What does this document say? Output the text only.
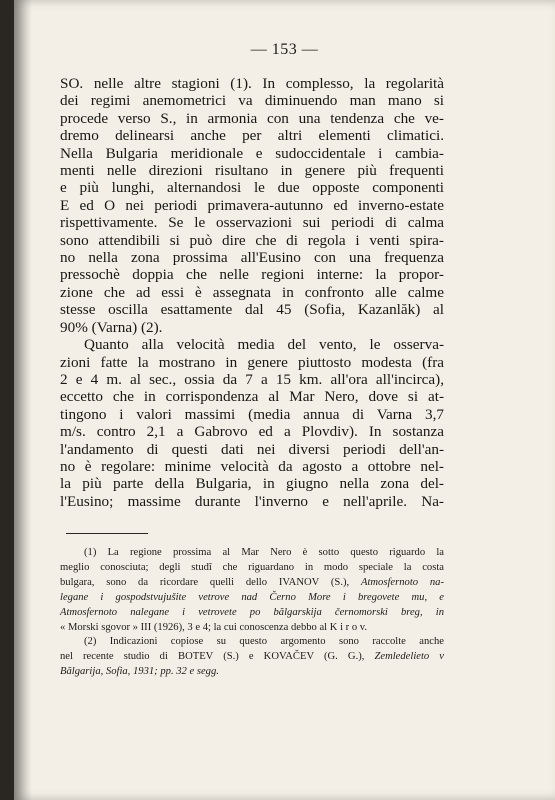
— 153 —
SO. nelle altre stagioni (1). In complesso, la regolarità
dei regimi anemometrici va diminuendo man mano si
procede verso S., in armonia con una tendenza che ve-
dremo delinearsi anche per altri elementi climatici.
Nella Bulgaria meridionale e sudoccidentale i cambia-
menti nelle direzioni risultano in genere più frequenti
e più lunghi, alternandosi le due opposte componenti
E ed O nei periodi primavera-autunno ed inverno-estate
rispettivamente. Se le osservazioni sui periodi di calma
sono attendibili si può dire che di regola i venti spira-
no nella zona prossima all'Eusino con una frequenza
pressochè doppia che nelle regioni interne: la propor-
zione che ad essi è assegnata in confronto alle calme
stesse oscilla esattamente dal 45 (Sofia, Kazanlăk) al
90% (Varna) (2).
Quanto alla velocità media del vento, le osserva-
zioni fatte la mostrano in genere piuttosto modesta (fra
2 e 4 m. al sec., ossia da 7 a 15 km. all'ora all'incirca),
eccetto che in corrispondenza al Mar Nero, dove si at-
tingono i valori massimi (media annua di Varna 3,7
m/s. contro 2,1 a Gabrovo ed a Plovdiv). In sostanza
l'andamento di questi dati nei diversi periodi dell'an-
no è regolare: minime velocità da agosto a ottobre nel-
la più parte della Bulgaria, in giugno nella zona del-
l'Eusino; massime durante l'inverno e nell'aprile. Na-
(1) La regione prossima al Mar Nero è sotto questo riguardo la
meglio conosciuta; degli studî che riguardano in modo speciale la costa
bulgara, sono da ricordare quelli dello IVANOV (S.), Atmosfernoto na-
legane i gospodstvujušite vetrove nad Černo More i bregovete mu, e
Atmosfernoto nalegane i vetrovete po bălgarskija černomorski breg, in
« Morski sgovor » III (1926), 3 e 4; la cui conoscenza debbo al K i r o v.
(2) Indicazioni copiose su questo argomento sono raccolte anche
nel recente studio di BOTEV (S.) e KOVAČEV (G. G.), Zemledelieto v
Bălgarija, Sofia, 1931; pp. 32 e segg.
